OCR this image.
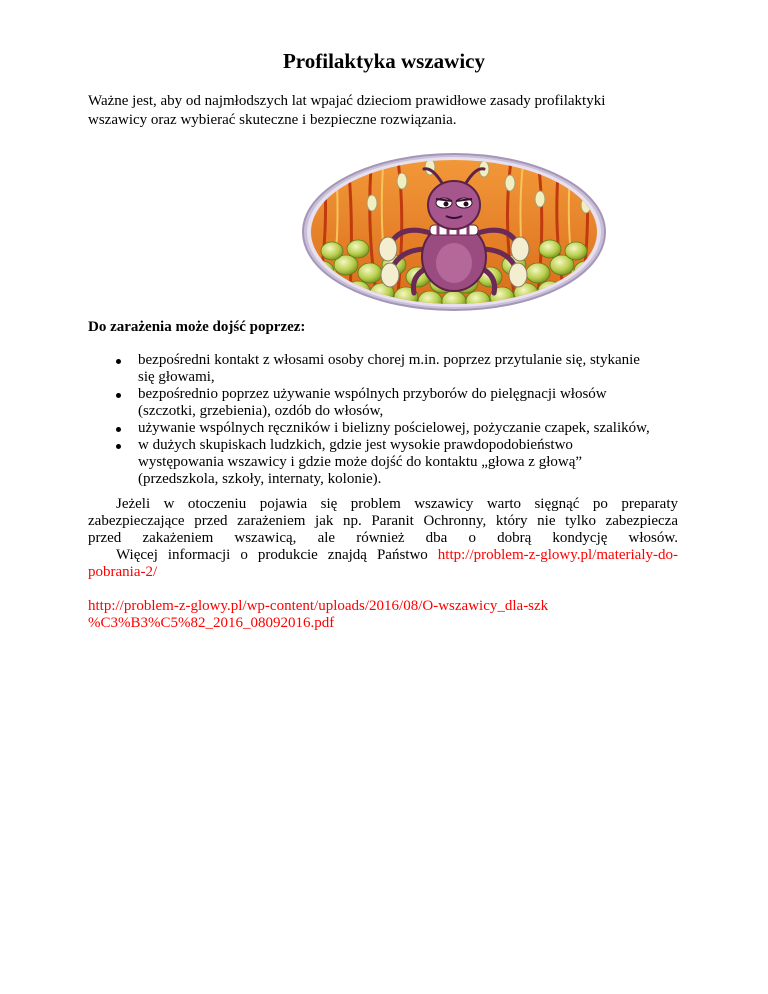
Profilaktyka wszawicy

Ważne jest, aby od najmłodszych lat wpajać dzieciom prawidłowe zasady profilaktyki
wszawicy oraz wybierać skuteczne i bezpieczne rozwiązania.

Do zarażenia może dojść poprzez:

bezpośredni kontakt z włosami osoby chorej m.in. poprzez przytulanie się, stykanie
się głowami,
bezpośrednio poprzez używanie wspólnych przyborów do pielęgnacji włosów
(szczotki, grzebienia), ozdób do włosów,
używanie wspólnych ręczników i bielizny pościelowej, pożyczanie czapek, szalików,
w dużych skupiskach ludzkich, gdzie jest wysokie prawdopodobieństwo
występowania wszawicy i gdzie może dojść do kontaktu „głowa z głową”
(przedszkola, szkoły, internaty, kolonie).
Jeżeli w otoczeniu pojawia się problem wszawicy warto sięgnąć po preparaty
zabezpieczające przed zarażeniem jak np. Paranit Ochronny, który nie tylko zabezpiecza
przed zakażeniem wszawicą, ale również dba o dobrą kondycję włosów.
Więcej informacji o produkcie znajdą Państwo http://problem-z-glowy.pl/materialy-do-
pobrania-2/

http://problem-z-glowy.pl/wp-content/uploads/2016/08/O-wszawicy_dla-szk
%C3%B3%C5%82_2016_08092016.pdf
